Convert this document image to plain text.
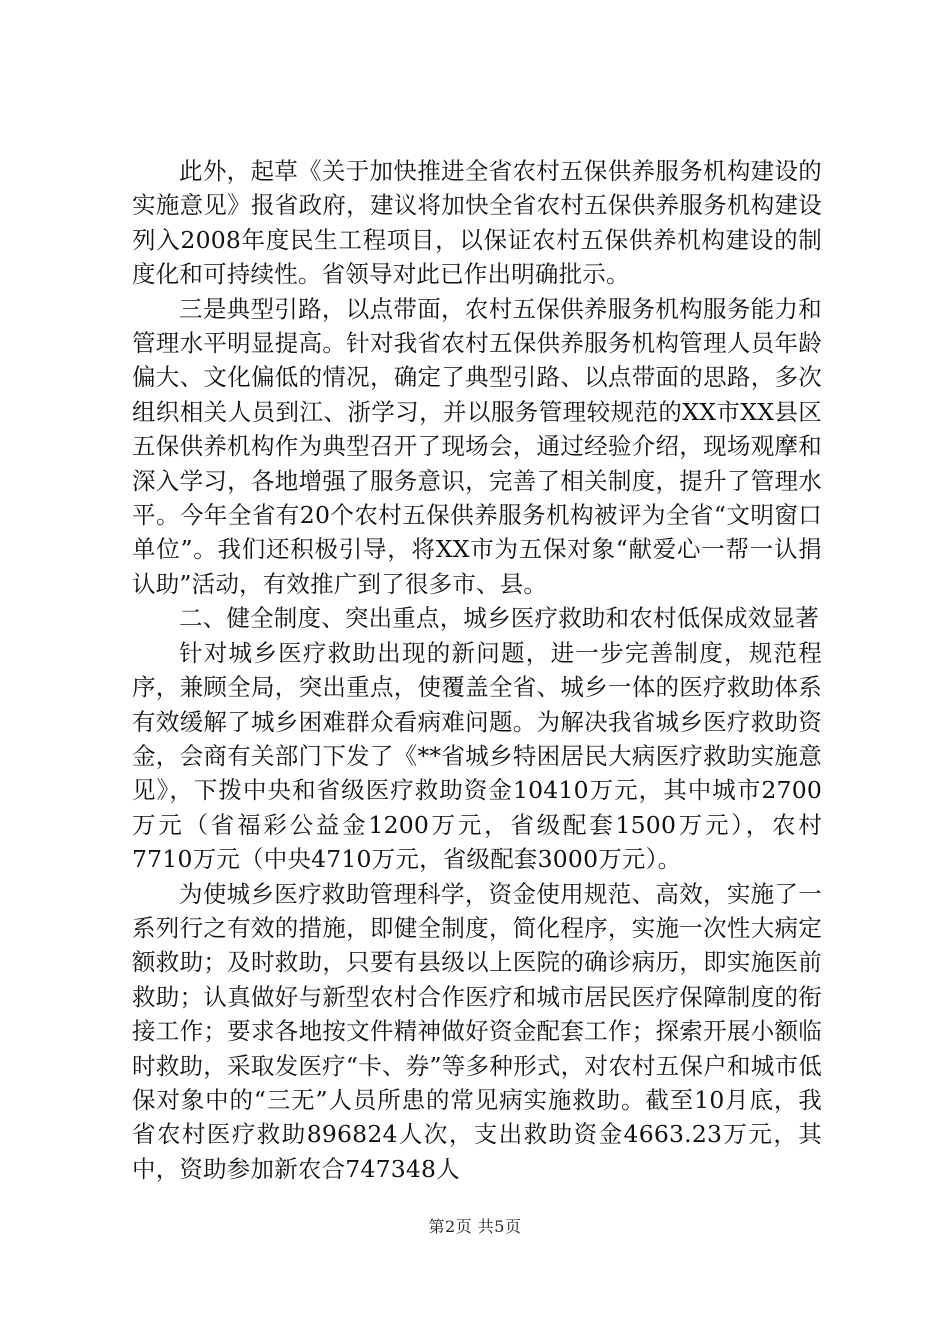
此外，起草《关于加快推进全省农村五保供养服务机构建设的实施意见》报省政府，建议将加快全省农村五保供养服务机构建设列入2008年度民生工程项目，以保证农村五保供养机构建设的制度化和可持续性。省领导对此已作出明确批示。

三是典型引路，以点带面，农村五保供养服务机构服务能力和管理水平明显提高。针对我省农村五保供养服务机构管理人员年龄偏大、文化偏低的情况，确定了典型引路、以点带面的思路，多次组织相关人员到江、浙学习，并以服务管理较规范的XX市XX县区五保供养机构作为典型召开了现场会，通过经验介绍，现场观摩和深入学习，各地增强了服务意识，完善了相关制度，提升了管理水平。今年全省有20个农村五保供养服务机构被评为全省“文明窗口单位”。我们还积极引导，将XX市为五保对象“献爱心一帮一认捐认助”活动，有效推广到了很多市、县。

二、健全制度、突出重点，城乡医疗救助和农村低保成效显著

针对城乡医疗救助出现的新问题，进一步完善制度，规范程序，兼顾全局，突出重点，使覆盖全省、城乡一体的医疗救助体系有效缓解了城乡困难群众看病难问题。为解决我省城乡医疗救助资金，会商有关部门下发了《**省城乡特困居民大病医疗救助实施意见》，下拨中央和省级医疗救助资金10410万元，其中城市2700万元（省福彩公益金1200万元，省级配套1500万元），农村7710万元（中央4710万元，省级配套3000万元）。

为使城乡医疗救助管理科学，资金使用规范、高效，实施了一系列行之有效的措施，即健全制度，简化程序，实施一次性大病定额救助；及时救助，只要有县级以上医院的确诊病历，即实施医前救助；认真做好与新型农村合作医疗和城市居民医疗保障制度的衔接工作；要求各地按文件精神做好资金配套工作；探索开展小额临时救助，采取发医疗“卡、券”等多种形式，对农村五保户和城市低保对象中的“三无”人员所患的常见病实施救助。截至10月底，我省农村医疗救助896824人次，支出救助资金4663.23万元，其中，资助参加新农合747348人

第2页 共5页
